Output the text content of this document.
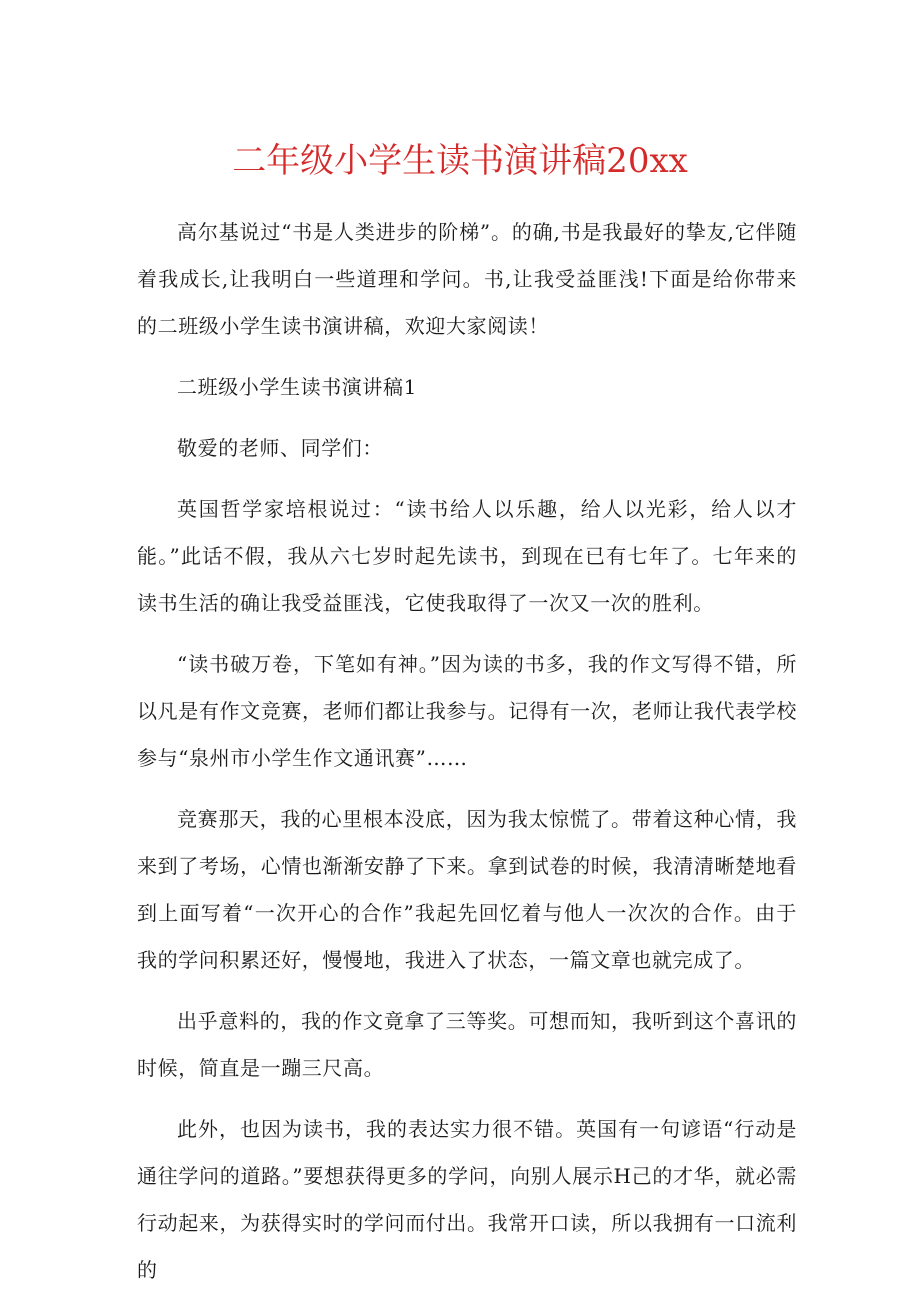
二年级小学生读书演讲稿20xx

高尔基说过“书是人类进步的阶梯”。的确,书是我最好的挚友,它伴随着我成长,让我明白一些道理和学问。书,让我受益匪浅!下面是给你带来的二班级小学生读书演讲稿，欢迎大家阅读！

二班级小学生读书演讲稿1

敬爱的老师、同学们：

英国哲学家培根说过：“读书给人以乐趣，给人以光彩，给人以才能。”此话不假，我从六七岁时起先读书，到现在已有七年了。七年来的读书生活的确让我受益匪浅，它使我取得了一次又一次的胜利。

“读书破万卷，下笔如有神。”因为读的书多，我的作文写得不错，所以凡是有作文竞赛，老师们都让我参与。记得有一次，老师让我代表学校参与“泉州市小学生作文通讯赛”……

竞赛那天，我的心里根本没底，因为我太惊慌了。带着这种心情，我来到了考场，心情也渐渐安静了下来。拿到试卷的时候，我清清晰楚地看到上面写着“一次开心的合作”我起先回忆着与他人一次次的合作。由于我的学问积累还好，慢慢地，我进入了状态，一篇文章也就完成了。

出乎意料的，我的作文竟拿了三等奖。可想而知，我听到这个喜讯的时候，简直是一蹦三尺高。

此外，也因为读书，我的表达实力很不错。英国有一句谚语“行动是通往学问的道路。”要想获得更多的学问，向别人展示H己的才华，就必需行动起来，为获得实时的学问而付出。我常开口读，所以我拥有一口流利的
